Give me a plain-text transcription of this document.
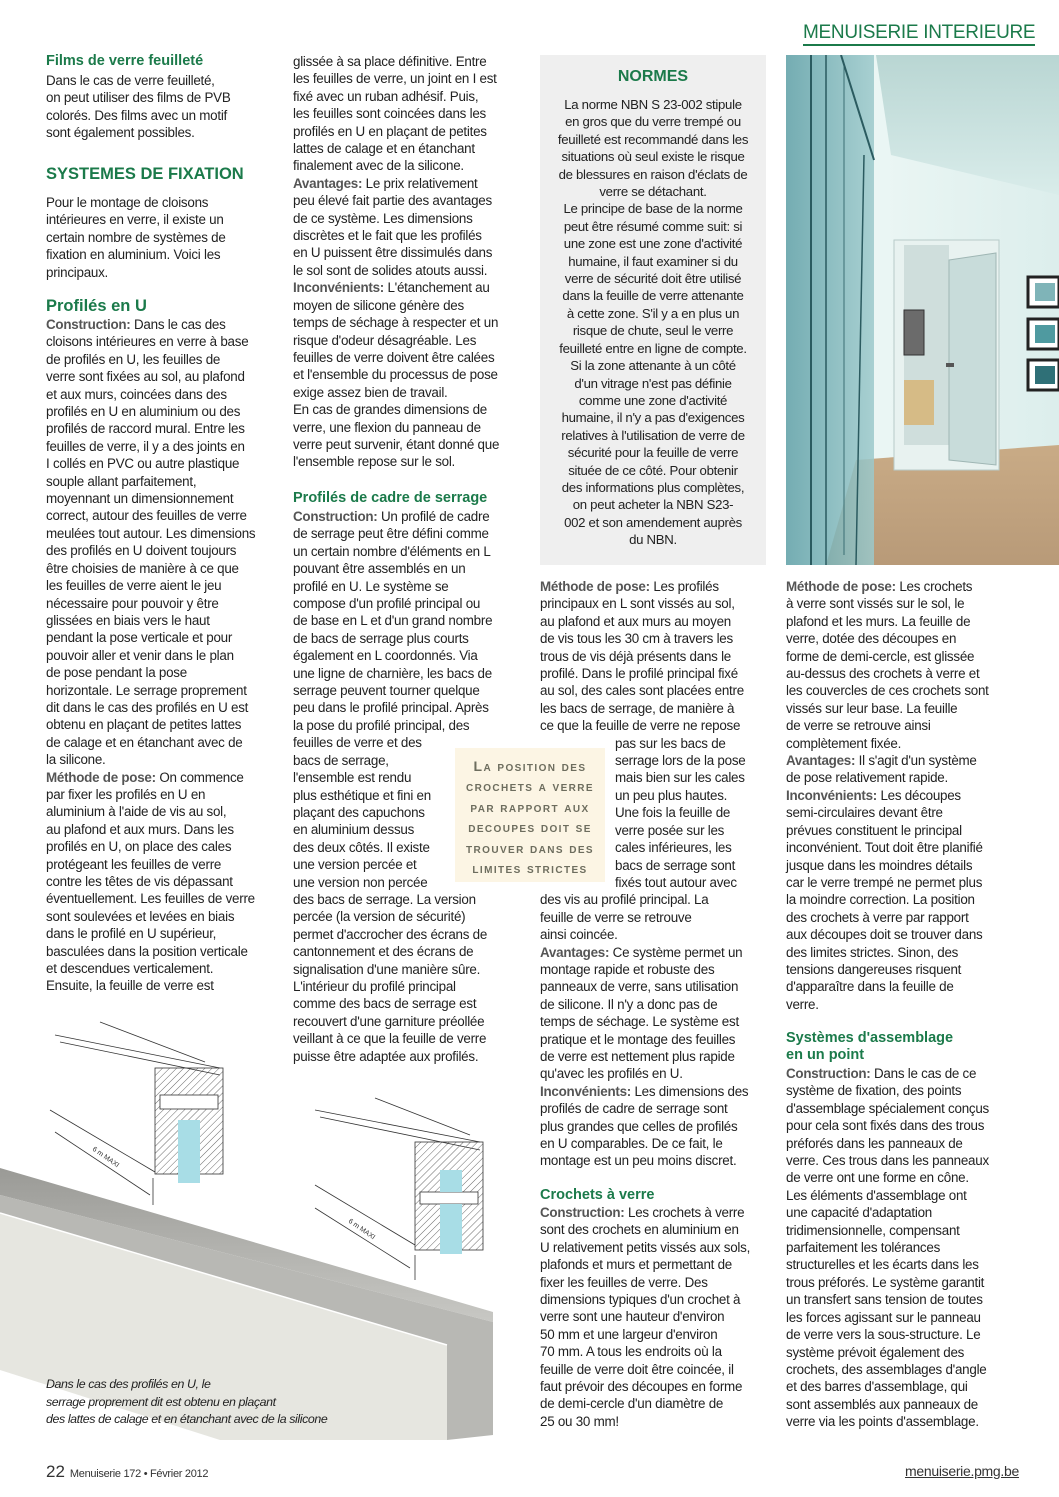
MENUISERIE INTERIEURE
Films de verre feuilleté
Dans le cas de verre feuilleté,
on peut utiliser des films de PVB
colorés. Des films avec un motif
sont également possibles.
SYSTEMES DE FIXATION
Pour le montage de cloisons
intérieures en verre, il existe un
certain nombre de systèmes de
fixation en aluminium. Voici les
principaux.
Profilés en U
Construction: Dans le cas des
cloisons intérieures en verre à base
de profilés en U, les feuilles de
verre sont fixées au sol, au plafond
et aux murs, coincées dans des
profilés en U en aluminium ou des
profilés de raccord mural. Entre les
feuilles de verre, il y a des joints en
I collés en PVC ou autre plastique
souple allant parfaitement,
moyennant un dimensionnement
correct, autour des feuilles de verre
meulées tout autour. Les dimensions
des profilés en U doivent toujours
être choisies de manière à ce que
les feuilles de verre aient le jeu
nécessaire pour pouvoir y être
glissées en biais vers le haut
pendant la pose verticale et pour
pouvoir aller et venir dans le plan
de pose pendant la pose
horizontale. Le serrage proprement
dit dans le cas des profilés en U est
obtenu en plaçant de petites lattes
de calage et en étanchant avec de
la silicone.
Méthode de pose: On commence
par fixer les profilés en U en
aluminium à l'aide de vis au sol,
au plafond et aux murs. Dans les
profilés en U, on place des cales
protégeant les feuilles de verre
contre les têtes de vis dépassant
éventuellement. Les feuilles de verre
sont soulevées et levées en biais
dans le profilé en U supérieur,
basculées dans la position verticale
et descendues verticalement.
Ensuite, la feuille de verre est
glissée à sa place définitive. Entre
les feuilles de verre, un joint en I est
fixé avec un ruban adhésif. Puis,
les feuilles sont coincées dans les
profilés en U en plaçant de petites
lattes de calage et en étanchant
finalement avec de la silicone.
Avantages: Le prix relativement
peu élevé fait partie des avantages
de ce système. Les dimensions
discrètes et le fait que les profilés
en U puissent être dissimulés dans
le sol sont de solides atouts aussi.
Inconvénients: L'étanchement au
moyen de silicone génère des
temps de séchage à respecter et un
risque d'odeur désagréable. Les
feuilles de verre doivent être calées
et l'ensemble du processus de pose
exige assez bien de travail.
En cas de grandes dimensions de
verre, une flexion du panneau de
verre peut survenir, étant donné que
l'ensemble repose sur le sol.
Profilés de cadre de serrage
Construction: Un profilé de cadre
de serrage peut être défini comme
un certain nombre d'éléments en L
pouvant être assemblés en un
profilé en U. Le système se
compose d'un profilé principal ou
de base en L et d'un grand nombre
de bacs de serrage plus courts
également en L coordonnés. Via
une ligne de charnière, les bacs de
serrage peuvent tourner quelque
peu dans le profilé principal. Après
la pose du profilé principal, des
feuilles de verre et des
bacs de serrage,
l'ensemble est rendu
plus esthétique et fini en
plaçant des capuchons
en aluminium dessus
des deux côtés. Il existe
une version percée et
une version non percée
des bacs de serrage. La version
percée (la version de sécurité)
permet d'accrocher des écrans de
cantonnement et des écrans de
signalisation d'une manière sûre.
L'intérieur du profilé principal
comme des bacs de serrage est
recouvert d'une garniture préollée
veillant à ce que la feuille de verre
puisse être adaptée aux profilés.
NORMES
La norme NBN S 23-002 stipule
en gros que du verre trempé ou
feuilleté est recommandé dans les
situations où seul existe le risque
de blessures en raison d'éclats de
verre se détachant.
Le principe de base de la norme
peut être résumé comme suit: si
une zone est une zone d'activité
humaine, il faut examiner si du
verre de sécurité doit être utilisé
dans la feuille de verre attenante
à cette zone. S'il y a en plus un
risque de chute, seul le verre
feuilleté entre en ligne de compte.
Si la zone attenante à un côté
d'un vitrage n'est pas définie
comme une zone d'activité
humaine, il n'y a pas d'exigences
relatives à l'utilisation de verre de
sécurité pour la feuille de verre
située de ce côté. Pour obtenir
des informations plus complètes,
on peut acheter la NBN S23-
002 et son amendement auprès
du NBN.
Méthode de pose: Les profilés
principaux en L sont vissés au sol,
au plafond et aux murs au moyen
de vis tous les 30 cm à travers les
trous de vis déjà présents dans le
profilé. Dans le profilé principal fixé
au sol, des cales sont placées entre
les bacs de serrage, de manière à
ce que la feuille de verre ne repose
pas sur les bacs de
serrage lors de la pose
mais bien sur les cales
un peu plus hautes.
Une fois la feuille de
verre posée sur les
cales inférieures, les
bacs de serrage sont
fixés tout autour avec
des vis au profilé principal. La
feuille de verre se retrouve
ainsi coincée.
Avantages: Ce système permet un
montage rapide et robuste des
panneaux de verre, sans utilisation
de silicone. Il n'y a donc pas de
temps de séchage. Le système est
pratique et le montage des feuilles
de verre est nettement plus rapide
qu'avec les profilés en U.
Inconvénients: Les dimensions des
profilés de cadre de serrage sont
plus grandes que celles de profilés
en U comparables. De ce fait, le
montage est un peu moins discret.
Crochets à verre
Construction: Les crochets à verre
sont des crochets en aluminium en
U relativement petits vissés aux sols,
plafonds et murs et permettant de
fixer les feuilles de verre. Des
dimensions typiques d'un crochet à
verre sont une hauteur d'environ
50 mm et une largeur d'environ
70 mm. A tous les endroits où la
feuille de verre doit être coincée, il
faut prévoir des découpes en forme
de demi-cercle d'un diamètre de
25 ou 30 mm!
La position des
crochets a verre
par rapport aux
decoupes doit se
trouver dans des
limites strictes
Méthode de pose: Les crochets
à verre sont vissés sur le sol, le
plafond et les murs. La feuille de
verre, dotée des découpes en
forme de demi-cercle, est glissée
au-dessus des crochets à verre et
les couvercles de ces crochets sont
vissés sur leur base. La feuille
de verre se retrouve ainsi
complètement fixée.
Avantages: Il s'agit d'un système
de pose relativement rapide.
Inconvénients: Les découpes
semi-circulaires devant être
prévues constituent le principal
inconvénient. Tout doit être planifié
jusque dans les moindres détails
car le verre trempé ne permet plus
la moindre correction. La position
des crochets à verre par rapport
aux découpes doit se trouver dans
des limites strictes. Sinon, des
tensions dangereuses risquent
d'apparaître dans la feuille de
verre.
Systèmes d'assemblage
en un point
Construction: Dans le cas de ce
système de fixation, des points
d'assemblage spécialement conçus
pour cela sont fixés dans des trous
préforés dans les panneaux de
verre. Ces trous dans les panneaux
de verre ont une forme en cône.
Les éléments d'assemblage ont
une capacité d'adaptation
tridimensionnelle, compensant
parfaitement les tolérances
structurelles et les écarts dans les
trous préforés. Le système garantit
un transfert sans tension de toutes
les forces agissant sur le panneau
de verre vers la sous-structure. Le
système prévoit également des
crochets, des assemblages d'angle
et des barres d'assemblage, qui
sont assemblés aux panneaux de
verre via les points d'assemblage.
6 m MAXI
6 m MAXI
Dans le cas des profilés en U, le
serrage proprement dit est obtenu en plaçant
des lattes de calage et en étanchant avec de la silicone
22 Menuiserie 172 • Février 2012	menuiserie.pmg.be
